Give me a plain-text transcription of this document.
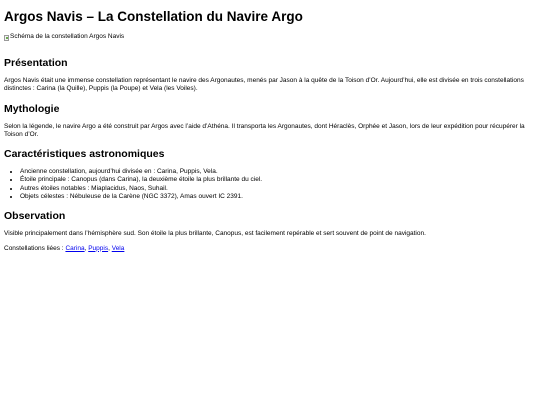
Argos Navis – La Constellation du Navire Argo
Schéma de la constellation Argos Navis
Présentation

Argos Navis était une immense constellation représentant le navire des Argonautes, menés par Jason à la quête de la Toison d’Or. Aujourd’hui, elle est divisée en trois constellations distinctes : Carina (la Quille), Puppis (la Poupe) et Vela (les Voiles).

Mythologie

Selon la légende, le navire Argo a été construit par Argos avec l’aide d’Athéna. Il transporta les Argonautes, dont Héraclès, Orphée et Jason, lors de leur expédition pour récupérer la Toison d’Or.

Caractéristiques astronomiques
• Ancienne constellation, aujourd’hui divisée en : Carina, Puppis, Vela.
• Étoile principale : Canopus (dans Carina), la deuxième étoile la plus brillante du ciel.
• Autres étoiles notables : Miaplacidus, Naos, Suhail.
• Objets célestes : Nébuleuse de la Carène (NGC 3372), Amas ouvert IC 2391.
Observation

Visible principalement dans l’hémisphère sud. Son étoile la plus brillante, Canopus, est facilement repérable et sert souvent de point de navigation.

Constellations liées : Carina, Puppis, Vela
